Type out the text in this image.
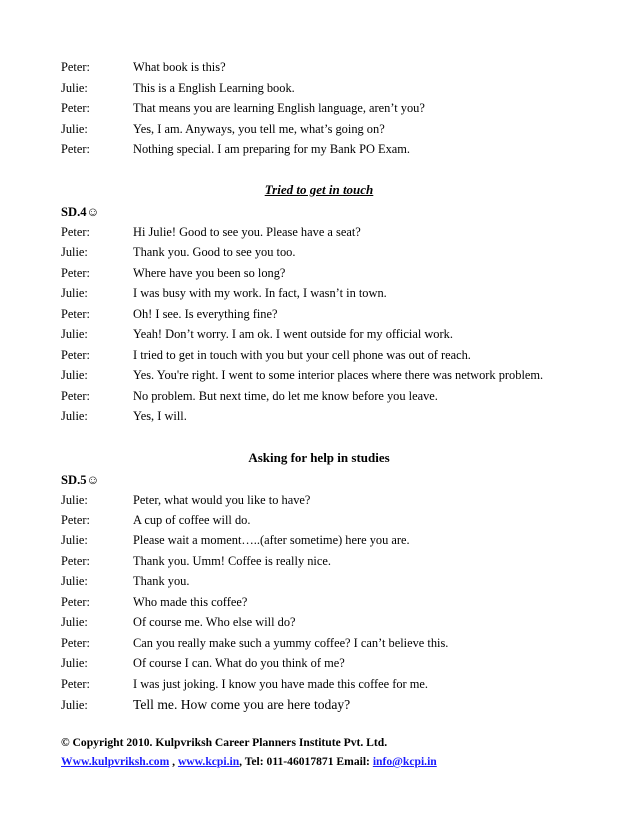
Peter:	What book is this?
Julie:	This is a English Learning book.
Peter:	That means you are learning English language, aren’t you?
Julie:	Yes, I am. Anyways, you tell me, what’s going on?
Peter:	Nothing special. I am preparing for my Bank PO Exam.
Tried to get in touch
SD.4☺
Peter:	Hi Julie! Good to see you. Please have a seat?
Julie:	Thank you. Good to see you too.
Peter:	Where have you been so long?
Julie:	I was busy with my work. In fact, I wasn’t in town.
Peter:	Oh! I see. Is everything fine?
Julie:	Yeah! Don’t worry. I am ok. I went outside for my official work.
Peter:	I tried to get in touch with you but your cell phone was out of reach.
Julie:	Yes. You're right. I went to some interior places where there was network problem.
Peter:	No problem. But next time, do let me know before you leave.
Julie:	Yes, I will.
Asking for help in studies
SD.5☺
Julie:	Peter, what would you like to have?
Peter:	A cup of coffee will do.
Julie:	Please wait a moment…..(after sometime) here you are.
Peter:	Thank you. Umm! Coffee is really nice.
Julie:	Thank you.
Peter:	Who made this coffee?
Julie:	Of course me. Who else will do?
Peter:	Can you really make such a yummy coffee? I can’t believe this.
Julie:	Of course I can. What do you think of me?
Peter:	I was just joking. I know you have made this coffee for me.
Julie:	Tell me. How come you are here today?
© Copyright 2010. Kulpvriksh Career Planners Institute Pvt. Ltd.
Www.kulpvriksh.com , www.kcpi.in, Tel: 011-46017871 Email: info@kcpi.in
